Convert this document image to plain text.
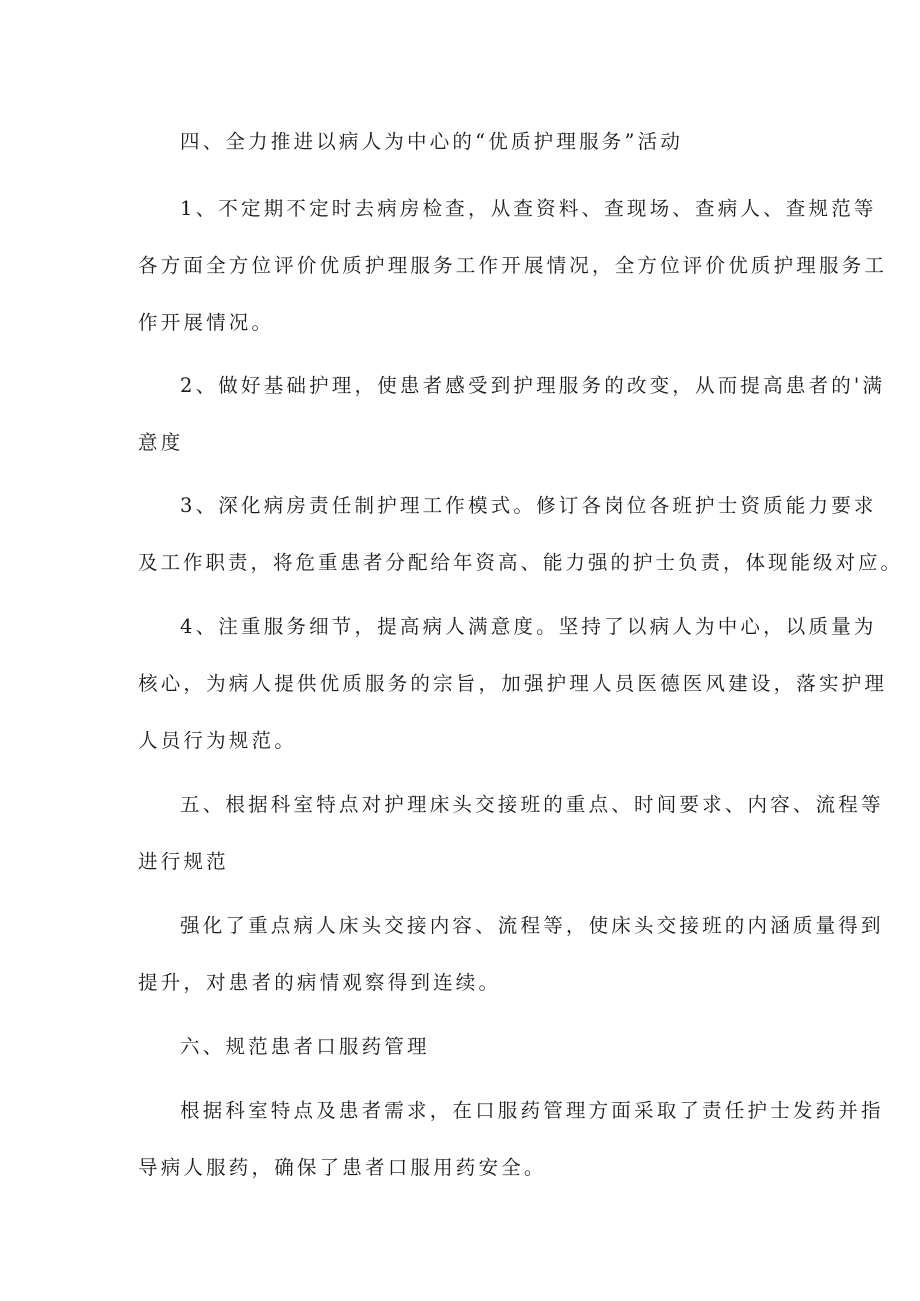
四、全力推进以病人为中心的“优质护理服务”活动
1、不定期不定时去病房检查，从查资料、查现场、查病人、查规范等
各方面全方位评价优质护理服务工作开展情况，全方位评价优质护理服务工
作开展情况。
2、做好基础护理，使患者感受到护理服务的改变，从而提高患者的'满
意度
3、深化病房责任制护理工作模式。修订各岗位各班护士资质能力要求
及工作职责，将危重患者分配给年资高、能力强的护士负责，体现能级对应。
4、注重服务细节，提高病人满意度。坚持了以病人为中心，以质量为
核心，为病人提供优质服务的宗旨，加强护理人员医德医风建设，落实护理
人员行为规范。
五、根据科室特点对护理床头交接班的重点、时间要求、内容、流程等
进行规范
强化了重点病人床头交接内容、流程等，使床头交接班的内涵质量得到
提升，对患者的病情观察得到连续。
六、规范患者口服药管理
根据科室特点及患者需求，在口服药管理方面采取了责任护士发药并指
导病人服药，确保了患者口服用药安全。
